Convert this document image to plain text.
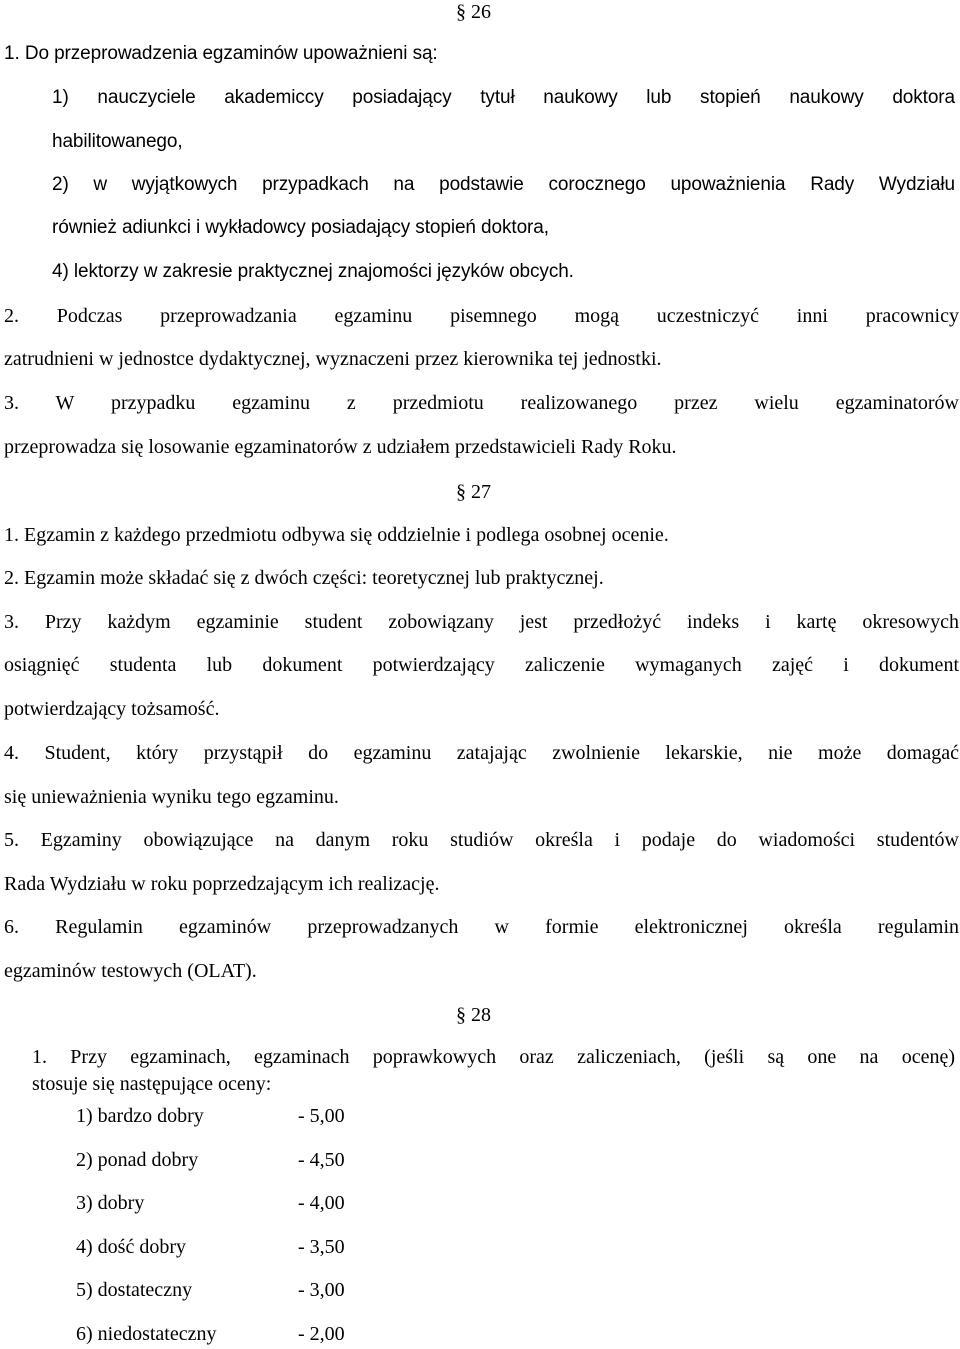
§ 26
1. Do przeprowadzenia egzaminów upoważnieni są:
1) nauczyciele akademiccy posiadający tytuł naukowy lub stopień naukowy doktora
habilitowanego,
2) w wyjątkowych przypadkach na podstawie corocznego upoważnienia Rady Wydziału
również adiunkci i wykładowcy posiadający stopień doktora,
4) lektorzy w zakresie praktycznej znajomości języków obcych.
2. Podczas przeprowadzania egzaminu pisemnego mogą uczestniczyć inni pracownicy
zatrudnieni w jednostce dydaktycznej, wyznaczeni przez kierownika tej jednostki.
3. W przypadku egzaminu z przedmiotu realizowanego przez wielu egzaminatorów
przeprowadza się losowanie egzaminatorów z udziałem przedstawicieli Rady Roku.
§ 27
1. Egzamin z każdego przedmiotu odbywa się oddzielnie i podlega osobnej ocenie.
2. Egzamin może składać się z dwóch części: teoretycznej lub praktycznej.
3. Przy każdym egzaminie student zobowiązany jest przedłożyć indeks i kartę okresowych
osiągnięć studenta lub dokument potwierdzający zaliczenie wymaganych zajęć i dokument
potwierdzający tożsamość.
4. Student, który przystąpił do egzaminu zatajając zwolnienie lekarskie, nie może domagać
się unieważnienia wyniku tego egzaminu.
5. Egzaminy obowiązujące na danym roku studiów określa i podaje do wiadomości studentów
Rada Wydziału w roku poprzedzającym ich realizację.
6. Regulamin egzaminów przeprowadzanych w formie elektronicznej określa regulamin
egzaminów testowych (OLAT).
§ 28
1. Przy egzaminach, egzaminach poprawkowych oraz zaliczeniach, (jeśli są one na ocenę)
stosuje się następujące oceny:
1) bardzo dobry	- 5,00
2) ponad dobry	- 4,50
3) dobry	- 4,00
4) dość dobry	- 3,50
5) dostateczny	- 3,00
6) niedostateczny	- 2,00
